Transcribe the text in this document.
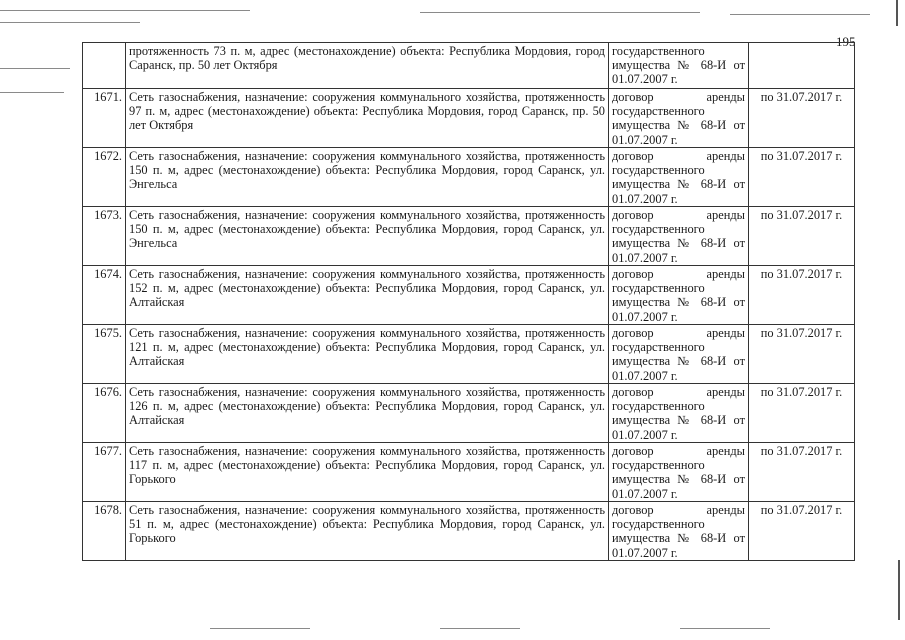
195
	протяженность 73 п. м, адрес (местонахождение) объекта: Республика Мордовия, город Саранск, пр. 50 лет Октября	государственного имущества № 68-И от 01.07.2007 г.	
1671.	Сеть газоснабжения, назначение: сооружения коммунального хозяйства, протяженность 97 п. м, адрес (местонахождение) объекта: Республика Мордовия, город Саранск, пр. 50 лет Октября	договор аренды государственного имущества № 68-И от 01.07.2007 г.	по 31.07.2017 г.
1672.	Сеть газоснабжения, назначение: сооружения коммунального хозяйства, протяженность 150 п. м, адрес (местонахождение) объекта: Республика Мордовия, город Саранск, ул. Энгельса	договор аренды государственного имущества № 68-И от 01.07.2007 г.	по 31.07.2017 г.
1673.	Сеть газоснабжения, назначение: сооружения коммунального хозяйства, протяженность 150 п. м, адрес (местонахождение) объекта: Республика Мордовия, город Саранск, ул. Энгельса	договор аренды государственного имущества № 68-И от 01.07.2007 г.	по 31.07.2017 г.
1674.	Сеть газоснабжения, назначение: сооружения коммунального хозяйства, протяженность 152 п. м, адрес (местонахождение) объекта: Республика Мордовия, город Саранск, ул. Алтайская	договор аренды государственного имущества № 68-И от 01.07.2007 г.	по 31.07.2017 г.
1675.	Сеть газоснабжения, назначение: сооружения коммунального хозяйства, протяженность 121 п. м, адрес (местонахождение) объекта: Республика Мордовия, город Саранск, ул. Алтайская	договор аренды государственного имущества № 68-И от 01.07.2007 г.	по 31.07.2017 г.
1676.	Сеть газоснабжения, назначение: сооружения коммунального хозяйства, протяженность 126 п. м, адрес (местонахождение) объекта: Республика Мордовия, город Саранск, ул. Алтайская	договор аренды государственного имущества № 68-И от 01.07.2007 г.	по 31.07.2017 г.
1677.	Сеть газоснабжения, назначение: сооружения коммунального хозяйства, протяженность 117 п. м, адрес (местонахождение) объекта: Республика Мордовия, город Саранск, ул. Горького	договор аренды государственного имущества № 68-И от 01.07.2007 г.	по 31.07.2017 г.
1678.	Сеть газоснабжения, назначение: сооружения коммунального хозяйства, протяженность 51 п. м, адрес (местонахождение) объекта: Республика Мордовия, город Саранск, ул. Горького	договор аренды государственного имущества № 68-И от 01.07.2007 г.	по 31.07.2017 г.
